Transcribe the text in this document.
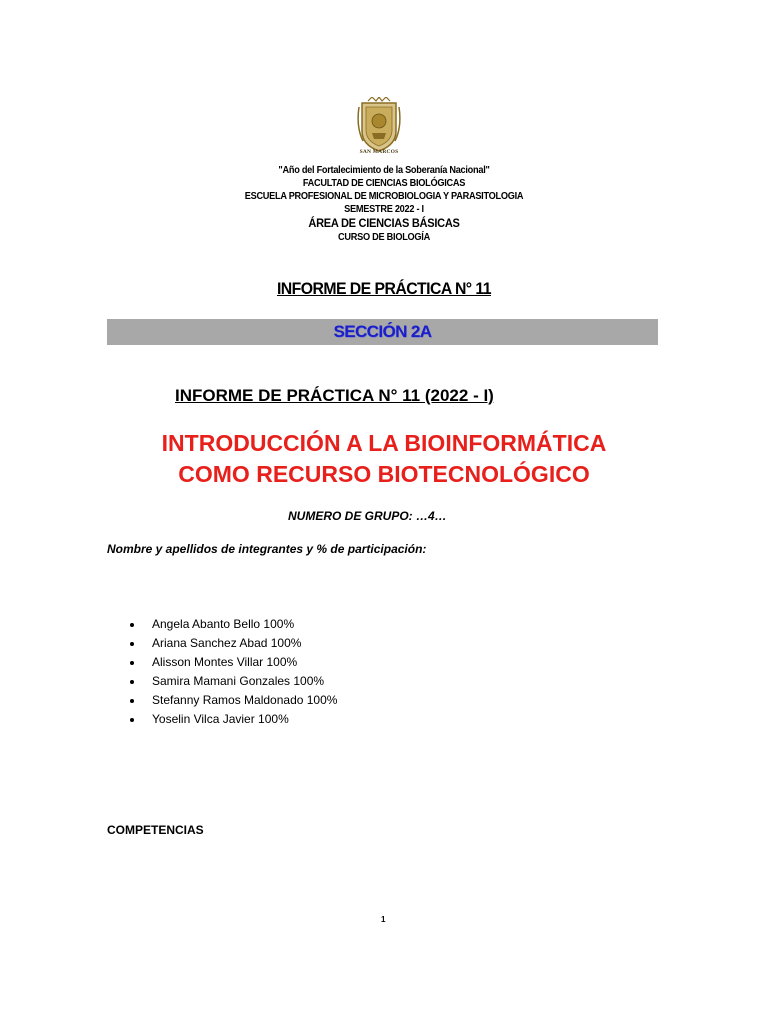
SAN MARCOS
"Año del Fortalecimiento de la Soberanía Nacional"
FACULTAD DE CIENCIAS BIOLÓGICAS
ESCUELA PROFESIONAL DE MICROBIOLOGIA Y PARASITOLOGIA
SEMESTRE 2022 - I
ÁREA DE CIENCIAS BÁSICAS
CURSO DE BIOLOGÍA
INFORME DE PRÁCTICA N° 11
SECCIÓN 2A
INFORME DE PRÁCTICA N° 11 (2022 - I)
INTRODUCCIÓN A LA BIOINFORMÁTICA
COMO RECURSO BIOTECNOLÓGICO
NUMERO DE GRUPO: …4…
Nombre y apellidos de integrantes y % de participación:
Angela Abanto Bello 100%
Ariana Sanchez Abad 100%
Alisson Montes Villar 100%
Samira Mamani Gonzales 100%
Stefanny Ramos Maldonado 100%
Yoselin Vilca Javier 100%
COMPETENCIAS
1
